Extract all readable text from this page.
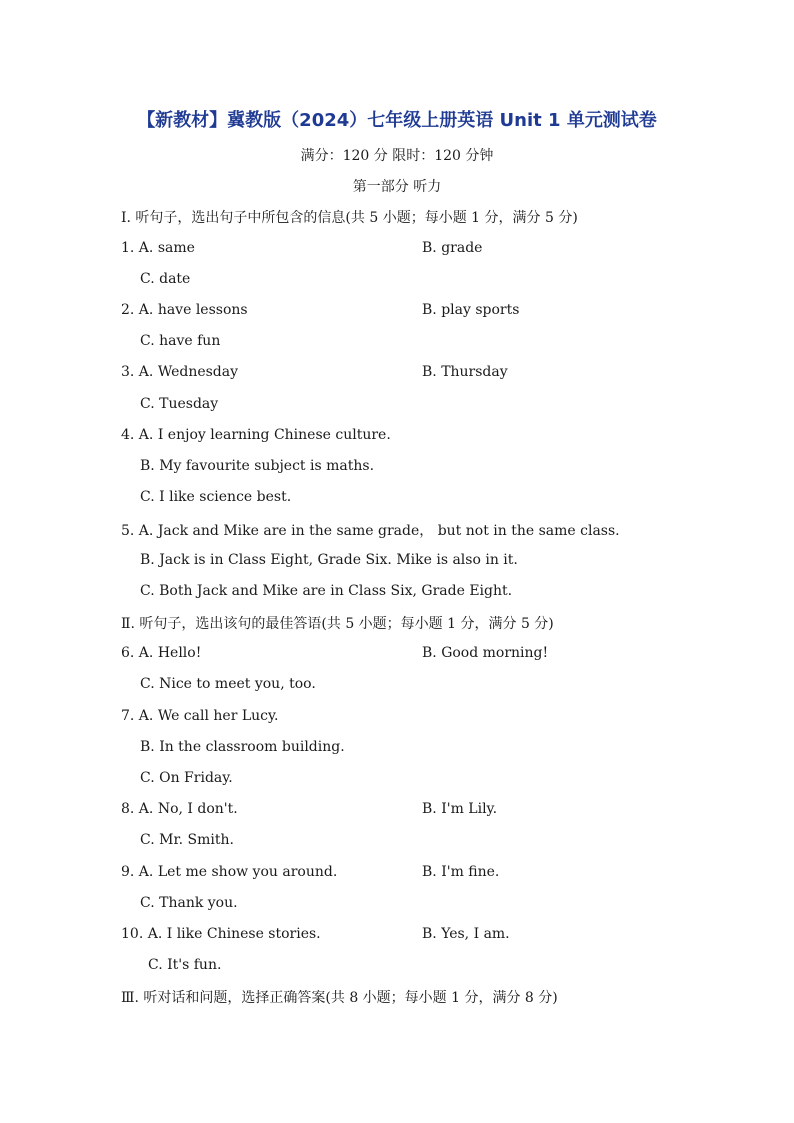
【新教材】冀教版（2024）七年级上册英语 Unit 1 单元测试卷
满分：120 分 限时：120 分钟
第一部分 听力
Ⅰ. 听句子，选出句子中所包含的信息(共 5 小题；每小题 1 分，满分 5 分)
1. A. same	B. grade
C. date
2. A. have lessons	B. play sports
C. have fun
3. A. Wednesday	B. Thursday
C. Tuesday
4. A. I enjoy learning Chinese culture.
B. My favourite subject is maths.
C. I like science best.
5. A. Jack and Mike are in the same grade， but not in the same class.
B. Jack is in Class Eight, Grade Six. Mike is also in it.
C. Both Jack and Mike are in Class Six, Grade Eight.
Ⅱ. 听句子，选出该句的最佳答语(共 5 小题；每小题 1 分，满分 5 分)
6. A. Hello!	B. Good morning!
C. Nice to meet you, too.
7. A. We call her Lucy.
B. In the classroom building.
C. On Friday.
8. A. No, I don't.	B. I'm Lily.
C. Mr. Smith.
9. A. Let me show you around.	B. I'm fine.
C. Thank you.
10. A. I like Chinese stories.	B. Yes, I am.
C. It's fun.
Ⅲ. 听对话和问题，选择正确答案(共 8 小题；每小题 1 分，满分 8 分)
